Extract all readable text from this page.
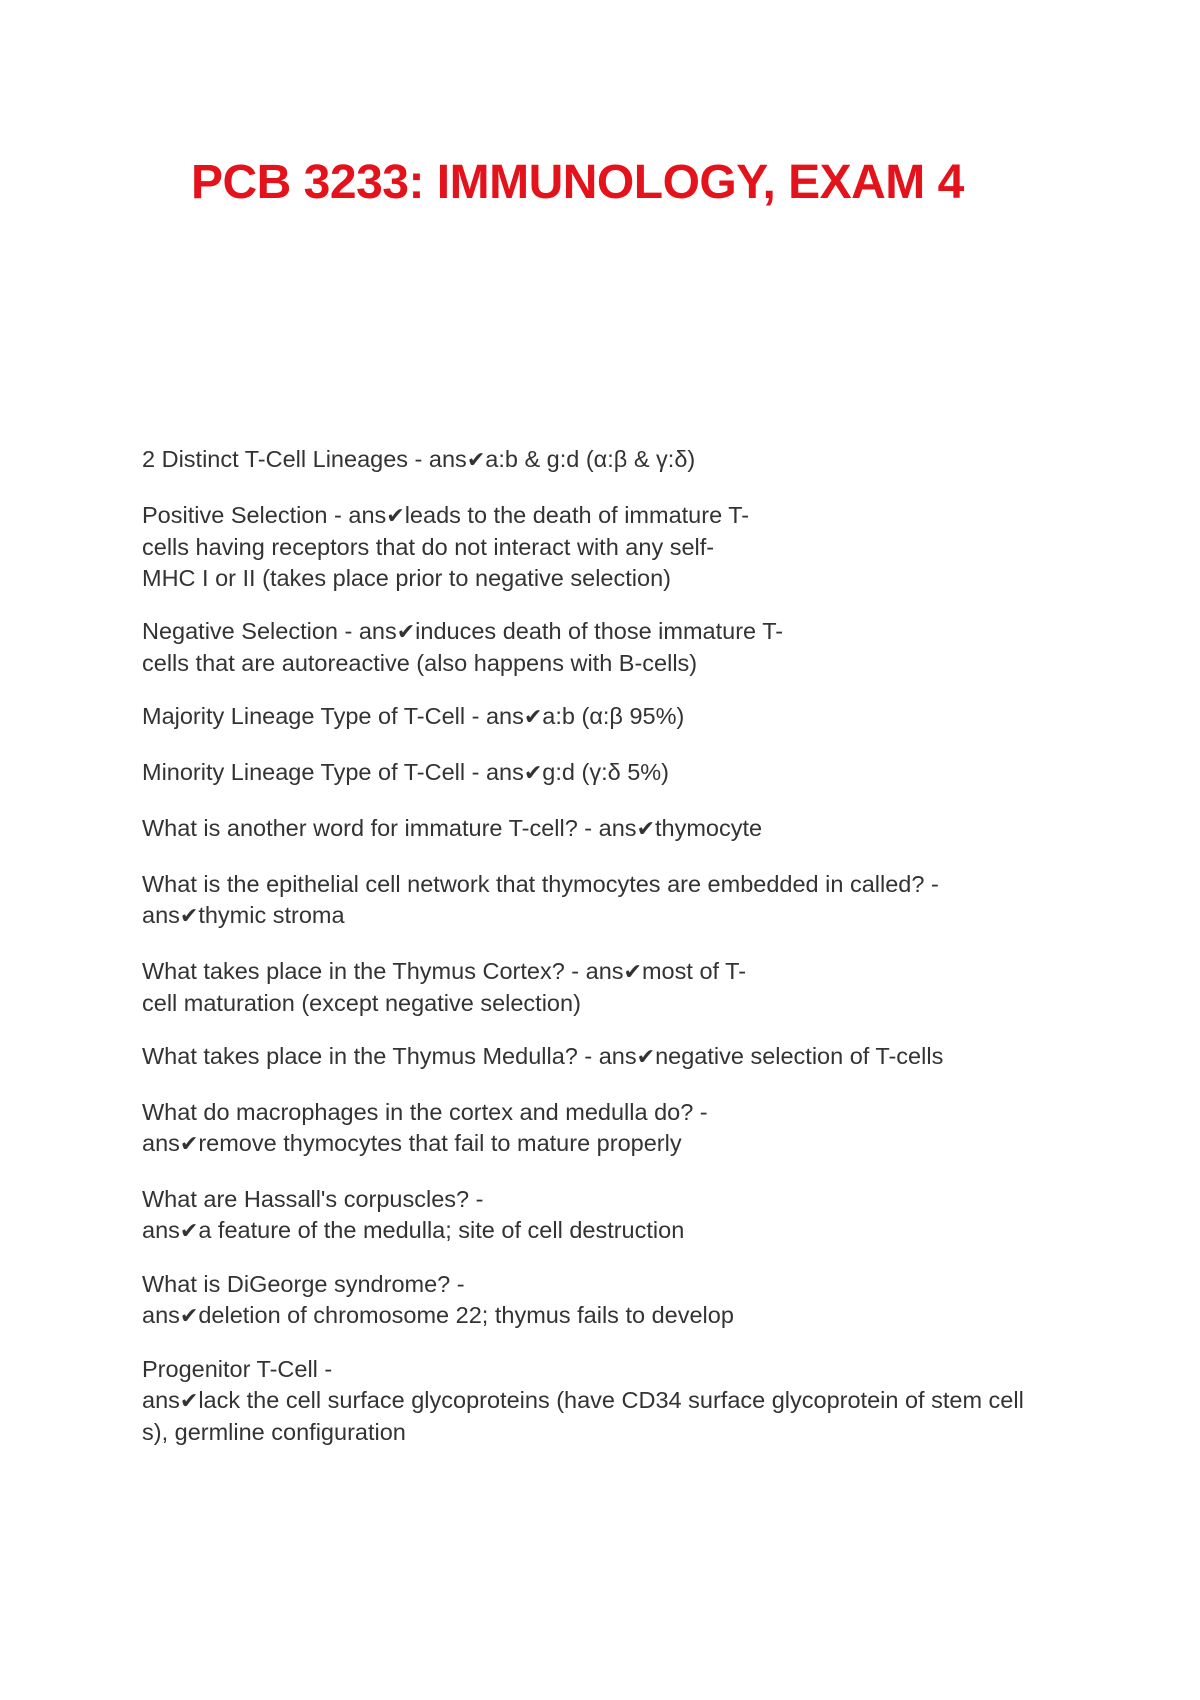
PCB 3233: IMMUNOLOGY, EXAM 4

2 Distinct T-Cell Lineages - ans✔a:b & g:d (α:β & γ:δ)

Positive Selection - ans✔leads to the death of immature T-
cells having receptors that do not interact with any self-
MHC I or II (takes place prior to negative selection)

Negative Selection - ans✔induces death of those immature T-
cells that are autoreactive (also happens with B-cells)

Majority Lineage Type of T-Cell - ans✔a:b (α:β 95%)

Minority Lineage Type of T-Cell - ans✔g:d (γ:δ 5%)

What is another word for immature T-cell? - ans✔thymocyte

What is the epithelial cell network that thymocytes are embedded in called? -
ans✔thymic stroma

What takes place in the Thymus Cortex? - ans✔most of T-
cell maturation (except negative selection)

What takes place in the Thymus Medulla? - ans✔negative selection of T-cells

What do macrophages in the cortex and medulla do? -
ans✔remove thymocytes that fail to mature properly

What are Hassall's corpuscles? -
ans✔a feature of the medulla; site of cell destruction

What is DiGeorge syndrome? -
ans✔deletion of chromosome 22; thymus fails to develop

Progenitor T-Cell -
ans✔lack the cell surface glycoproteins (have CD34 surface glycoprotein of stem cell
s), germline configuration
